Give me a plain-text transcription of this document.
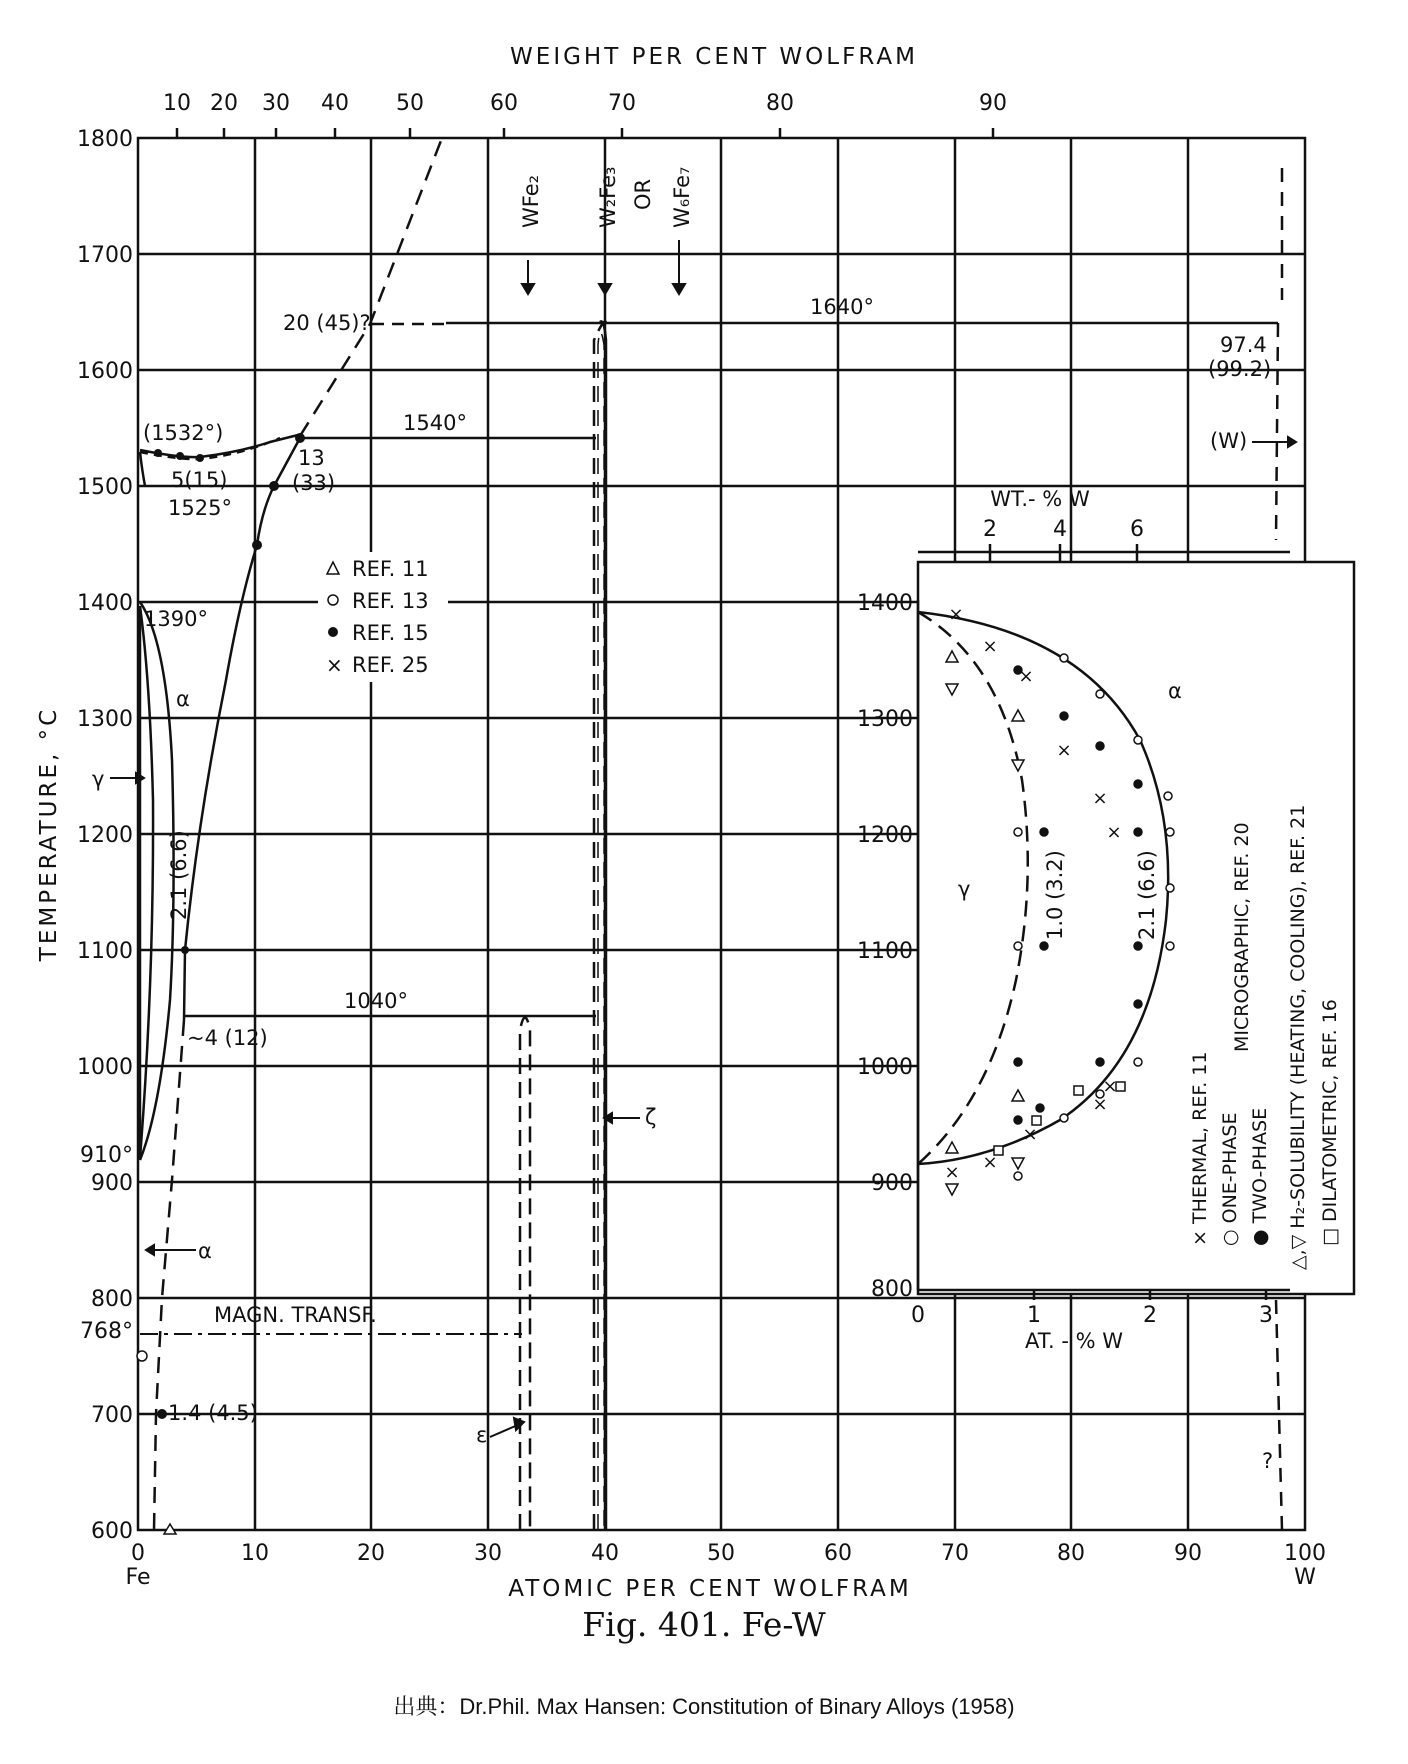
WEIGHT PER CENT WOLFRAM
10 20 30 40 50	60	70	80	90
1800
1700
1600
1500
1400
1300
1200
1100
1000
900
800
700
600
768°
910°
TEMPERATURE, °C
0	10	20	30	40	50	60	70	80	90	100
Fe	W
ATOMIC PER CENT WOLFRAM
WFe₂	W₂Fe₃ OR W₆Fe₇
1640°
20 (45)?
97.4
(99.2)
(W)
(1532°)	1540°
13
(33)
5(15)
1525°
1390°
α
γ
1040°
~4 (12)
ζ
α
MAGN. TRANSF.
1.4 (4.5)
ε
?
2.1 (6.6)
REF. 11
REF. 13
REF. 15
× REF. 25
WT.- % W
2	4	6
1400
1300
1200
1100
1000
900
800
0	1	2	3
AT. - % W
α
γ	1.0 (3.2)	2.1 (6.6)
×
×
×
×
×
×
×
×
×
×
×	× THERMAL, REF. 11 ○ ONE-PHASE
MICROGRAPHIC, REF. 20
● TWO-PHASE △,▽ H₂-SOLUBILITY (HEATING, COOLING), REF. 21 □ DILATOMETRIC, REF. 16
Fig. 401. Fe-W
出典：Dr.Phil. Max Hansen: Constitution of Binary Alloys (1958)
